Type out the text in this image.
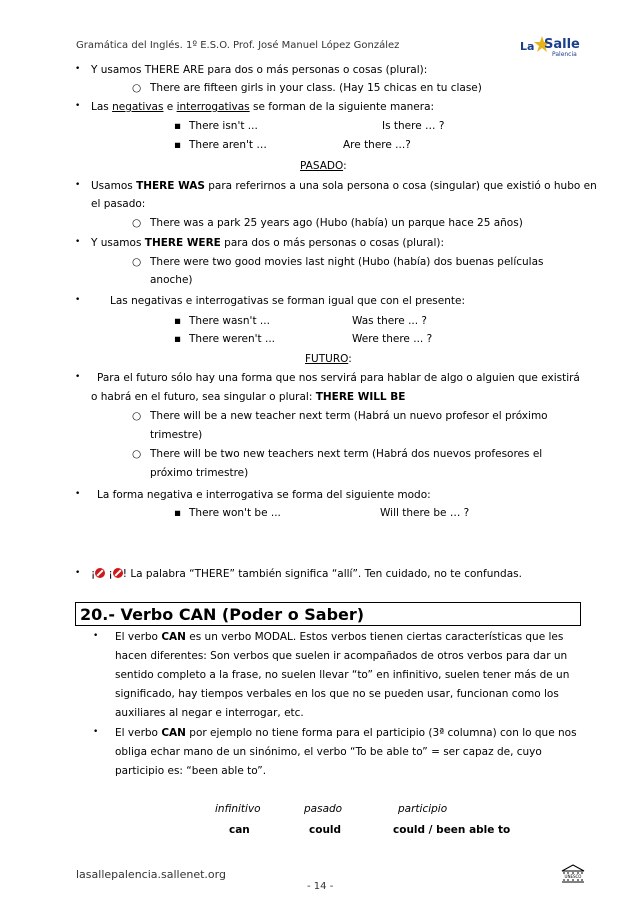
Gramática del Inglés. 1º E.S.O. Prof. José Manuel López González	La Salle
Palencia
• Y usamos THERE ARE para dos o más personas o cosas (plural):
○ There are fifteen girls in your class. (Hay 15 chicas en tu clase)
• Las negativas e interrogativas se forman de la siguiente manera:
▪ There isn't ...	Is there … ?
▪ There aren't …	Are there ...?
PASADO:
• Usamos THERE WAS para referirnos a una sola persona o cosa (singular) que existió o hubo en
el pasado:
○ There was a park 25 years ago (Hubo (había) un parque hace 25 años)
• Y usamos THERE WERE para dos o más personas o cosas (plural):
○ There were two good movies last night (Hubo (había) dos buenas películas
anoche)
•	Las negativas e interrogativas se forman igual que con el presente:
▪ There wasn't ...	Was there ... ?
▪ There weren't ...	Were there ... ?
FUTURO:
• Para el futuro sólo hay una forma que nos servirá para hablar de algo o alguien que existirá
o habrá en el futuro, sea singular o plural: THERE WILL BE
○ There will be a new teacher next term (Habrá un nuevo profesor el próximo
trimestre)
○ There will be two new teachers next term (Habrá dos nuevos profesores el
próximo trimestre)
• La forma negativa e interrogativa se forma del siguiente modo:
▪ There won't be ...	Will there be … ?
• ¡ ¡ ! La palabra “THERE” también significa “allí”. Ten cuidado, no te confundas.
20.- Verbo CAN (Poder o Saber)
• El verbo CAN es un verbo MODAL. Estos verbos tienen ciertas características que les
hacen diferentes: Son verbos que suelen ir acompañados de otros verbos para dar un
sentido completo a la frase, no suelen llevar “to” en infinitivo, suelen tener más de un
significado, hay tiempos verbales en los que no se pueden usar, funcionan como los
auxiliares al negar e interrogar, etc.
• El verbo CAN por ejemplo no tiene forma para el participio (3ª columna) con lo que nos
obliga echar mano de un sinónimo, el verbo “To be able to” = ser capaz de, cuyo
participio es: “been able to”.
infinitivo	pasado	participio
can	could	could / been able to
lasallepalencia.sallenet.org
- 14 -
UNESCO
